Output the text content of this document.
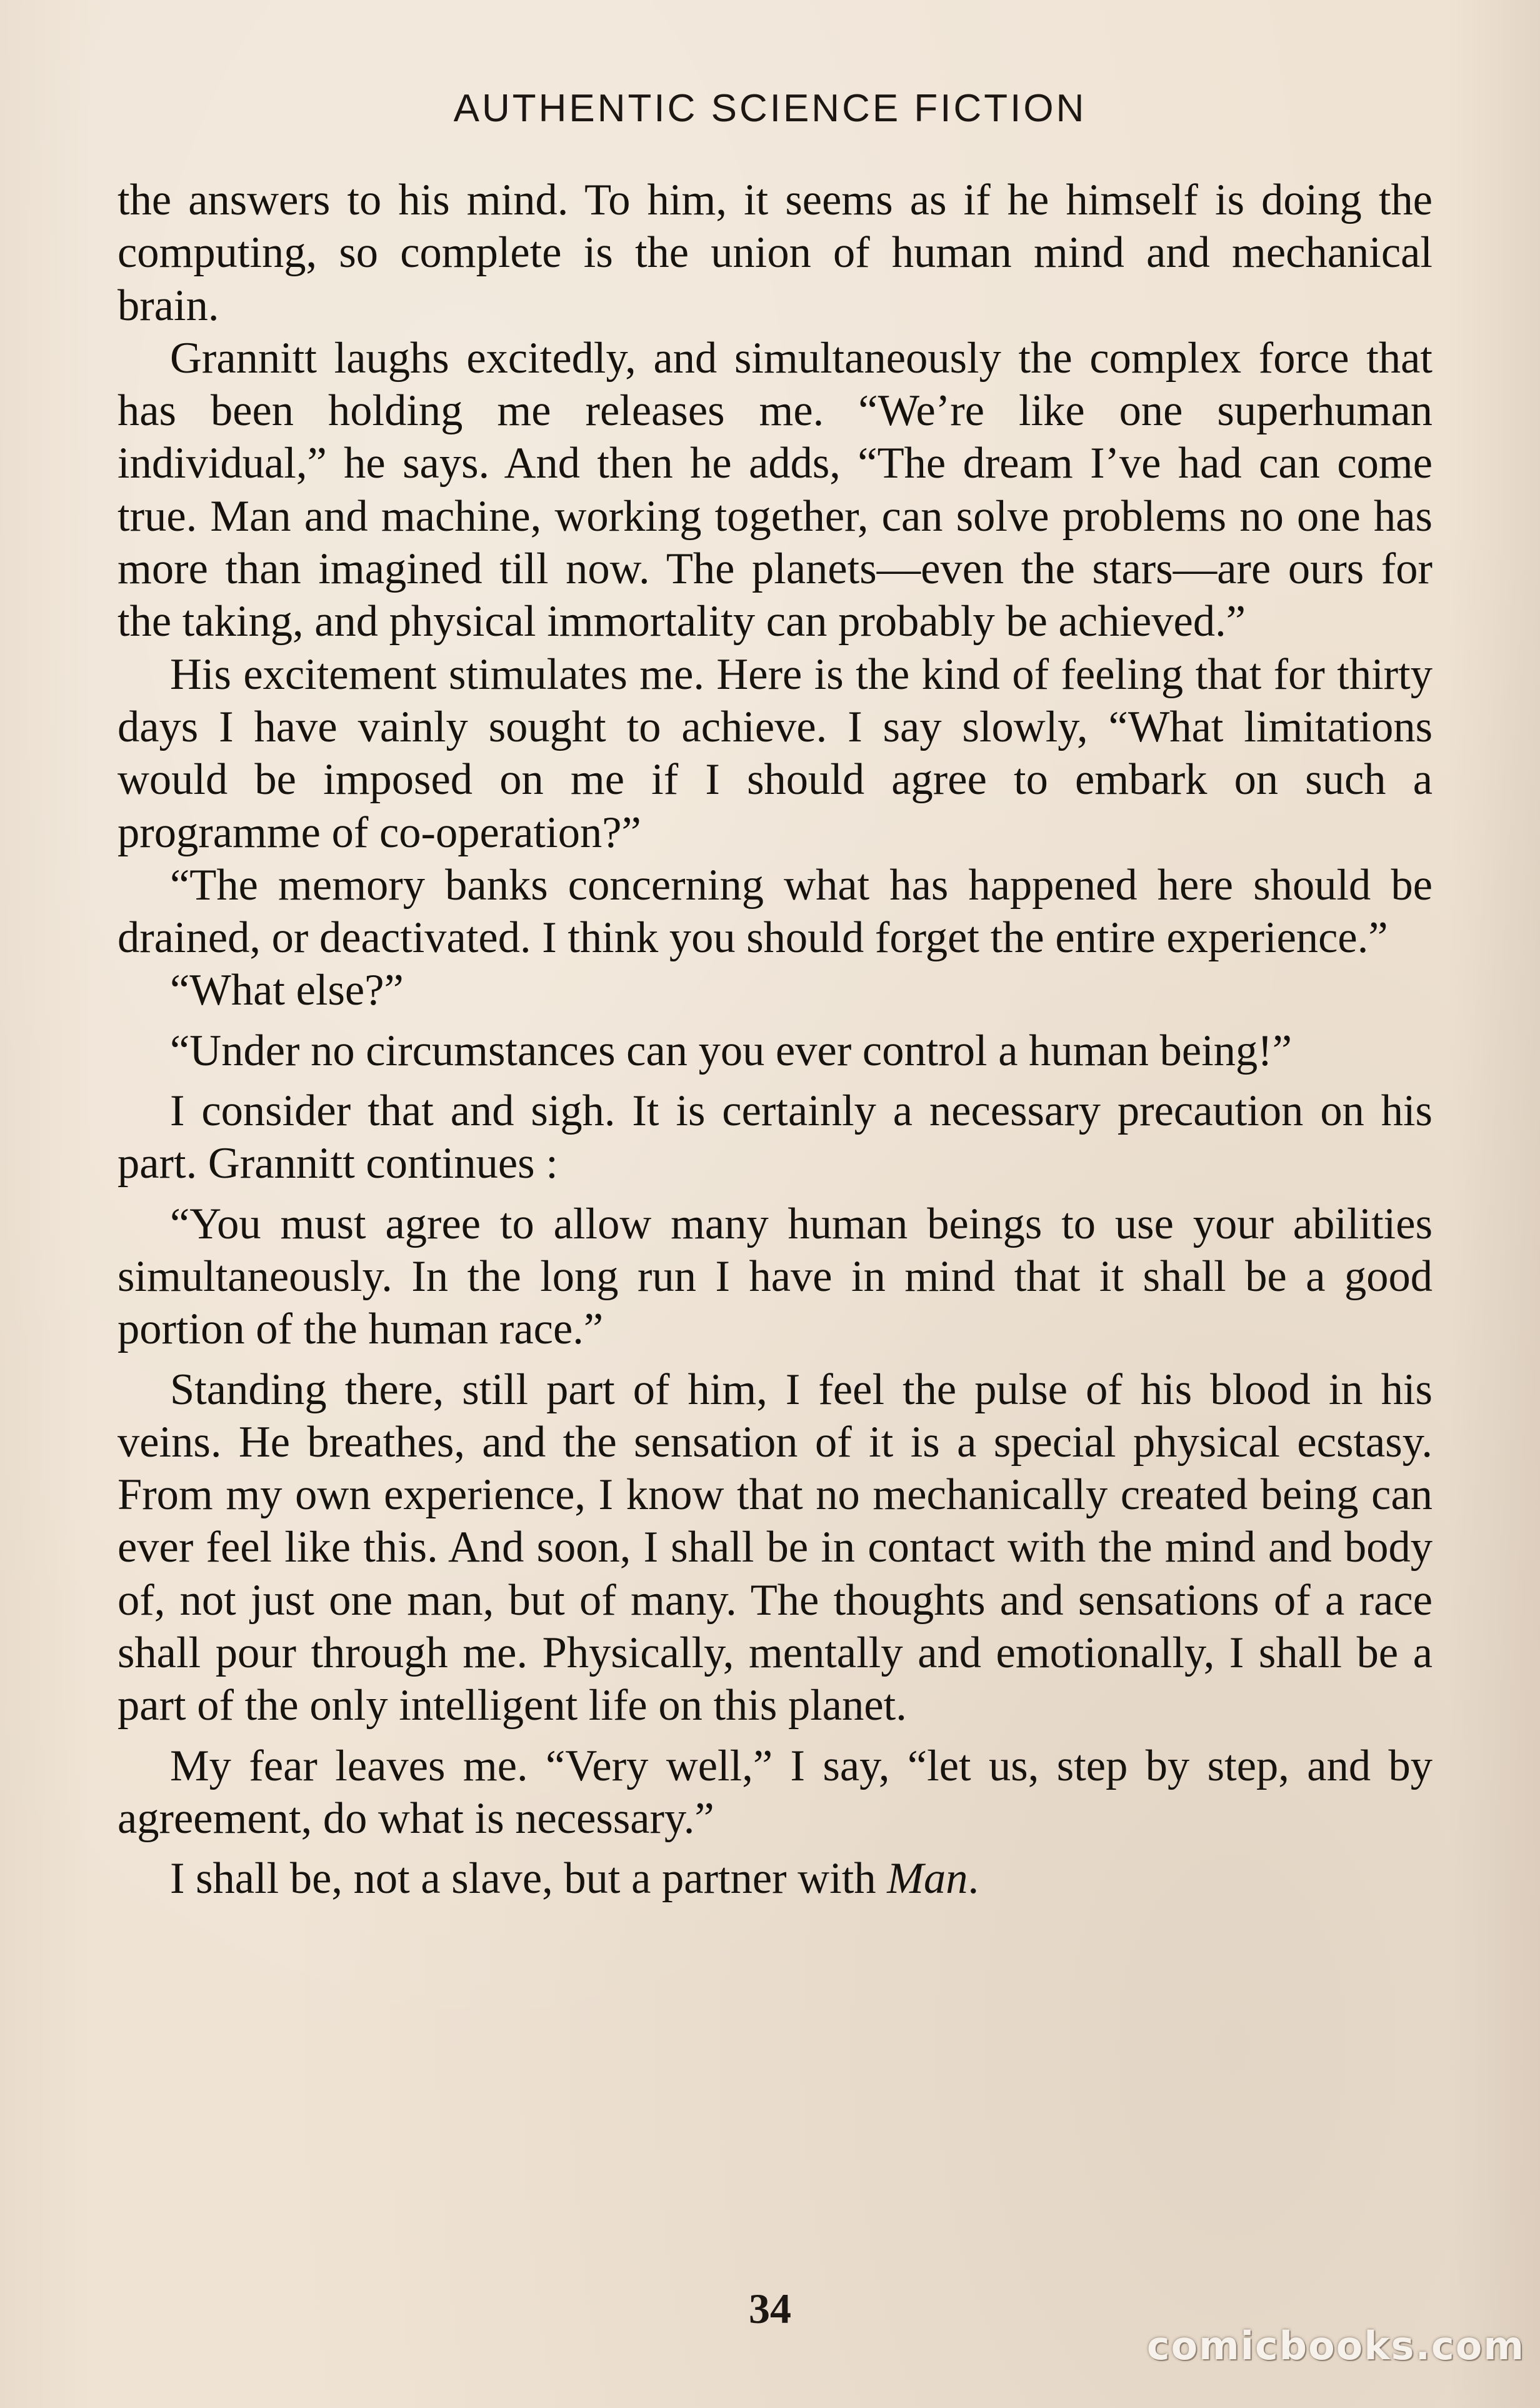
AUTHENTIC SCIENCE FICTION

the answers to his mind. To him, it seems as if he himself is doing the computing, so complete is the union of human mind and mechanical brain.

Grannitt laughs excitedly, and simultaneously the complex force that has been holding me releases me. “We’re like one superhuman individual,” he says. And then he adds, “The dream I’ve had can come true. Man and machine, working together, can solve problems no one has more than imagined till now. The planets—even the stars—are ours for the taking, and physical immortality can probably be achieved.”

His excitement stimulates me. Here is the kind of feeling that for thirty days I have vainly sought to achieve. I say slowly, “What limitations would be imposed on me if I should agree to embark on such a programme of co-operation?”

“The memory banks concerning what has happened here should be drained, or deactivated. I think you should forget the entire experience.”

“What else?”

“Under no circumstances can you ever control a human being!”

I consider that and sigh. It is certainly a necessary precaution on his part. Grannitt continues :

“You must agree to allow many human beings to use your abilities simultaneously. In the long run I have in mind that it shall be a good portion of the human race.”

Standing there, still part of him, I feel the pulse of his blood in his veins. He breathes, and the sensation of it is a special physical ecstasy. From my own experience, I know that no mechanically created being can ever feel like this. And soon, I shall be in contact with the mind and body of, not just one man, but of many. The thoughts and sensations of a race shall pour through me. Physically, mentally and emotionally, I shall be a part of the only intelligent life on this planet.

My fear leaves me. “Very well,” I say, “let us, step by step, and by agreement, do what is necessary.”

I shall be, not a slave, but a partner with Man.

34
comicbooks.com
